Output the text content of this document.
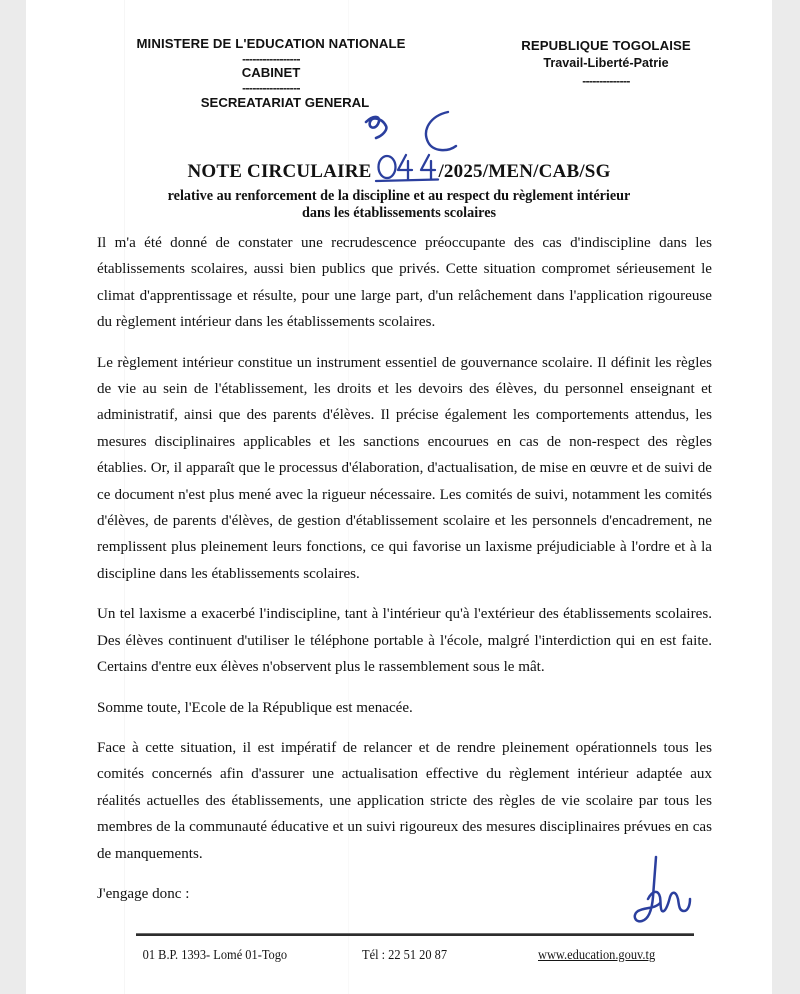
MINISTERE DE L'EDUCATION NATIONALE
-----------------
CABINET
-----------------
SECREATARIAT GENERAL
REPUBLIQUE TOGOLAISE
Travail-Liberté-Patrie
--------------
NOTE CIRCULAIRE	/2025/MEN/CAB/SG
relative au renforcement de la discipline et au respect du règlement intérieur
dans les établissements scolaires

Il m'a été donné de constater une recrudescence préoccupante des cas d'indiscipline dans les établissements scolaires, aussi bien publics que privés. Cette situation compromet sérieusement le climat d'apprentissage et résulte, pour une large part, d'un relâchement dans l'application rigoureuse du règlement intérieur dans les établissements scolaires.

Le règlement intérieur constitue un instrument essentiel de gouvernance scolaire. Il définit les règles de vie au sein de l'établissement, les droits et les devoirs des élèves, du personnel enseignant et administratif, ainsi que des parents d'élèves. Il précise également les comportements attendus, les mesures disciplinaires applicables et les sanctions encourues en cas de non-respect des règles établies. Or, il apparaît que le processus d'élaboration, d'actualisation, de mise en œuvre et de suivi de ce document n'est plus mené avec la rigueur nécessaire. Les comités de suivi, notamment les comités d'élèves, de parents d'élèves, de gestion d'établissement scolaire et les personnels d'encadrement, ne remplissent plus pleinement leurs fonctions, ce qui favorise un laxisme préjudiciable à l'ordre et à la discipline dans les établissements scolaires.

Un tel laxisme a exacerbé l'indiscipline, tant à l'intérieur qu'à l'extérieur des établissements scolaires. Des élèves continuent d'utiliser le téléphone portable à l'école, malgré l'interdiction qui en est faite. Certains d'entre eux élèves n'observent plus le rassemblement sous le mât.

Somme toute, l'Ecole de la République est menacée.

Face à cette situation, il est impératif de relancer et de rendre pleinement opérationnels tous les comités concernés afin d'assurer une actualisation effective du règlement intérieur adaptée aux réalités actuelles des établissements, une application stricte des règles de vie scolaire par tous les membres de la communauté éducative et un suivi rigoureux des mesures disciplinaires prévues en cas de manquements.

J'engage donc :

01 B.P. 1393- Lomé 01-Togo	Tél : 22 51 20 87	www.education.gouv.tg
